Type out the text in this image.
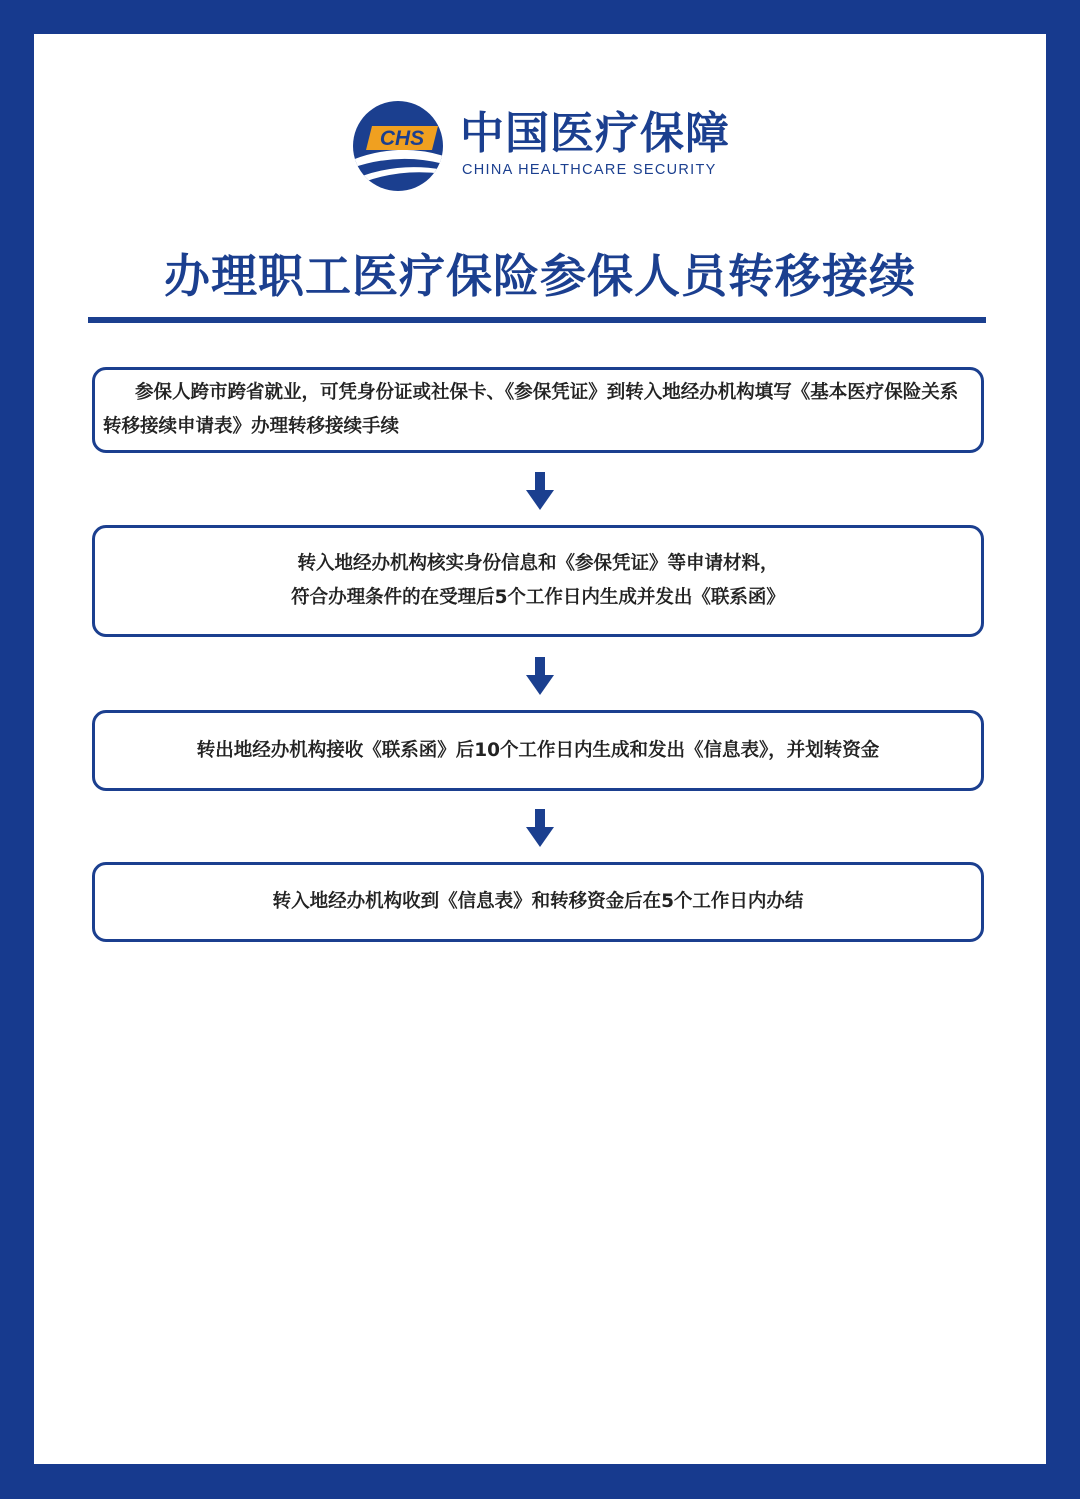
CHS 中国医疗保障
CHINA HEALTHCARE SECURITY
办理职工医疗保险参保人员转移接续

参保人跨市跨省就业，可凭身份证或社保卡、《参保凭证》到转入地经办机构填写《基本医疗保险关系转移接续申请表》办理转移接续手续

转入地经办机构核实身份信息和《参保凭证》等申请材料，
符合办理条件的在受理后5个工作日内生成并发出《联系函》

转出地经办机构接收《联系函》后10个工作日内生成和发出《信息表》，并划转资金

转入地经办机构收到《信息表》和转移资金后在5个工作日内办结
